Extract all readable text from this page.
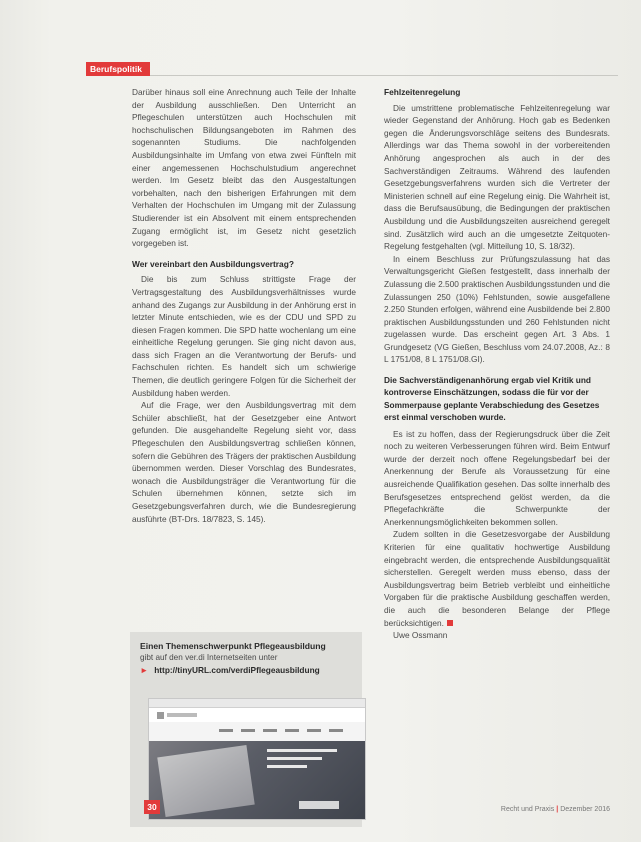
Berufspolitik

Darüber hinaus soll eine Anrechnung auch Teile der Inhalte der Ausbildung ausschließen. Den Unterricht an Pflegeschulen unterstützen auch Hochschulen mit hochschulischen Bildungsangeboten im Rahmen des sogenannten Studiums. Die nachfolgenden Ausbildungsinhalte im Umfang von etwa zwei Fünfteln mit einer angemessenen Hochschulstudium angerechnet werden. Im Gesetz bleibt das den Ausgestaltungen vorbehalten, nach den bisherigen Erfahrungen mit dem Verhalten der Hochschulen im Umgang mit der Zulassung Studierender ist ein Absolvent mit einem entsprechenden Zugang ermöglicht ist, im Gesetz nicht gesetzlich vorgegeben ist.

Wer vereinbart den Ausbildungsvertrag?

Die bis zum Schluss strittigste Frage der Vertragsgestaltung des Ausbildungsverhältnisses wurde anhand des Zugangs zur Ausbildung in der Anhörung erst in letzter Minute entschieden, wie es der CDU und SPD zu diesen Fragen kommen. Die SPD hatte wochenlang um eine einheitliche Regelung gerungen. Sie ging nicht davon aus, dass sich Fragen an die Verantwortung der Berufs- und Fachschulen richten. Es handelt sich um schwierige Themen, die deutlich geringere Folgen für die Sicherheit der Ausbildung haben werden.

Auf die Frage, wer den Ausbildungsvertrag mit dem Schüler abschließt, hat der Gesetzgeber eine Antwort gefunden. Die ausgehandelte Regelung sieht vor, dass Pflegeschulen den Ausbildungsvertrag schließen können, sofern die Gebühren des Trägers der praktischen Ausbildung übernommen werden. Dieser Vorschlag des Bundesrates, wonach die Ausbildungsträger die Verantwortung für die Schulen übernehmen können, setzte sich im Gesetzgebungsverfahren durch, wie die Bundesregierung ausführte (BT-Drs. 18/7823, S. 145).

Fehlzeitenregelung

Die umstrittene problematische Fehlzeitenregelung war wieder Gegenstand der Anhörung. Hoch gab es Bedenken gegen die Änderungsvorschläge seitens des Bundesrats. Allerdings war das Thema sowohl in der vorbereitenden Anhörung angesprochen als auch in der des Sachverständigen Zeitraums. Während des laufenden Gesetzgebungsverfahrens wurden sich die Vertreter der Ministerien schnell auf eine Regelung einig. Die Wahrheit ist, dass die Berufsausübung, die Bedingungen der praktischen Ausbildung und die Ausbildungszeiten ausreichend geregelt sind. Zusätzlich wird auch an die umgesetzte Zeitquoten-Regelung festgehalten (vgl. Mitteilung 10, S. 18/32).

In einem Beschluss zur Prüfungszulassung hat das Verwaltungsgericht Gießen festgestellt, dass innerhalb der Zulassung die 2.500 praktischen Ausbildungsstunden und die Zulassungen 250 (10%) Fehlstunden, sowie ausgefallene 2.250 Stunden erfolgen, während eine Ausbildende bei 2.800 praktischen Ausbildungsstunden und 260 Fehlstunden nicht zugelassen wurde. Das erscheint gegen Art. 3 Abs. 1 Grundgesetz (VG Gießen, Beschluss vom 24.07.2008, Az.: 8 L 1751/08, 8 L 1751/08.GI).

Die Sachverständigenanhörung ergab viel Kritik und kontroverse Einschätzungen, sodass die für vor der Sommerpause geplante Verabschiedung des Gesetzes erst einmal verschoben wurde.

Es ist zu hoffen, dass der Regierungsdruck über die Zeit noch zu weiteren Verbesserungen führen wird. Beim Entwurf wurde der derzeit noch offene Regelungsbedarf bei der Anerkennung der Berufe als Voraussetzung für eine ausreichende Qualifikation gesehen. Das sollte innerhalb des Berufsgesetzes entsprechend gelöst werden, da die Pflegefachkräfte die Schwerpunkte der Anerkennungsmöglichkeiten bekommen sollen.

Zudem sollten in die Gesetzesvorgabe der Ausbildung Kriterien für eine qualitativ hochwertige Ausbildung eingebracht werden, die entsprechende Ausbildungsqualität sicherstellen. Geregelt werden muss ebenso, dass der Ausbildungsvertrag beim Betrieb verbleibt und einheitliche Vorgaben für die praktische Ausbildung geschaffen werden, die auch die besonderen Belange der Pflege berücksichtigen.

Uwe Ossmann
Einen Themenschwerpunkt Pflegeausbildung
gibt auf den ver.di Internetseiten unter
► http://tinyURL.com/verdiPflegeausbildung
30	Recht und Praxis | Dezember 2016
